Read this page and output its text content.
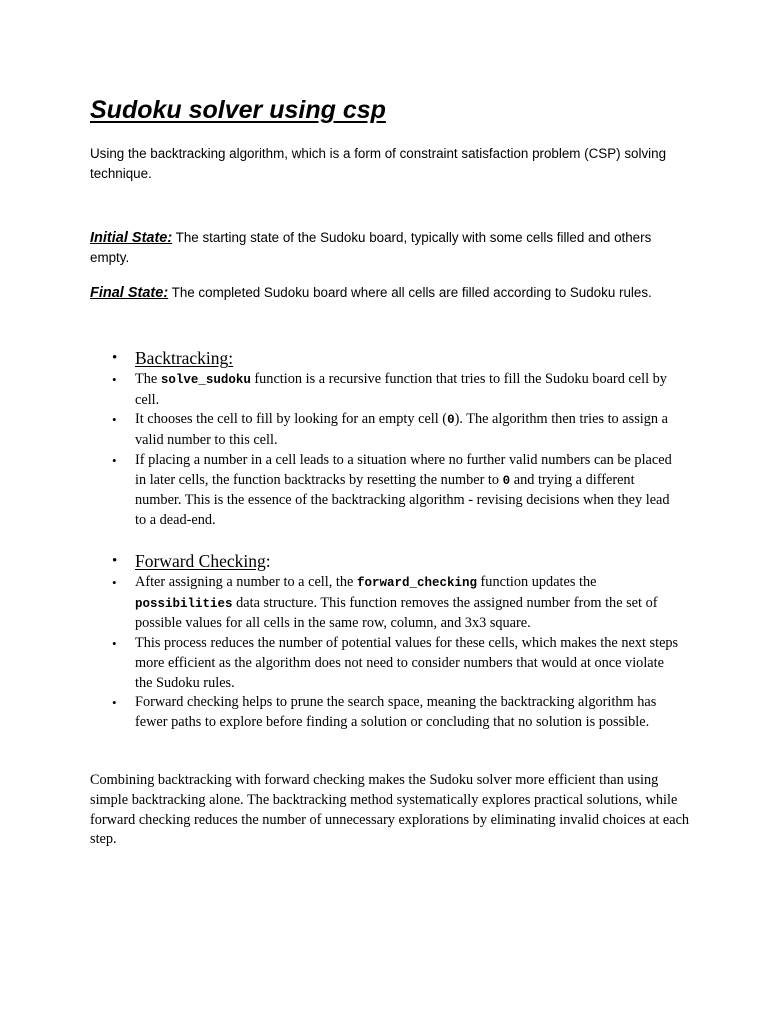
Sudoku solver using csp

Using the backtracking algorithm, which is a form of constraint satisfaction problem (CSP) solving technique.

Initial State: The starting state of the Sudoku board, typically with some cells filled and others empty.

Final State: The completed Sudoku board where all cells are filled according to Sudoku rules.

• Backtracking:
• The solve_sudoku function is a recursive function that tries to fill the Sudoku board cell by cell.
• It chooses the cell to fill by looking for an empty cell (0). The algorithm then tries to assign a valid number to this cell.
• If placing a number in a cell leads to a situation where no further valid numbers can be placed in later cells, the function backtracks by resetting the number to 0 and trying a different number. This is the essence of the backtracking algorithm - revising decisions when they lead to a dead-end.
• Forward Checking:
• After assigning a number to a cell, the forward_checking function updates the possibilities data structure. This function removes the assigned number from the set of possible values for all cells in the same row, column, and 3x3 square.
• This process reduces the number of potential values for these cells, which makes the next steps more efficient as the algorithm does not need to consider numbers that would at once violate the Sudoku rules.
• Forward checking helps to prune the search space, meaning the backtracking algorithm has fewer paths to explore before finding a solution or concluding that no solution is possible.

Combining backtracking with forward checking makes the Sudoku solver more efficient than using simple backtracking alone. The backtracking method systematically explores practical solutions, while forward checking reduces the number of unnecessary explorations by eliminating invalid choices at each step.
